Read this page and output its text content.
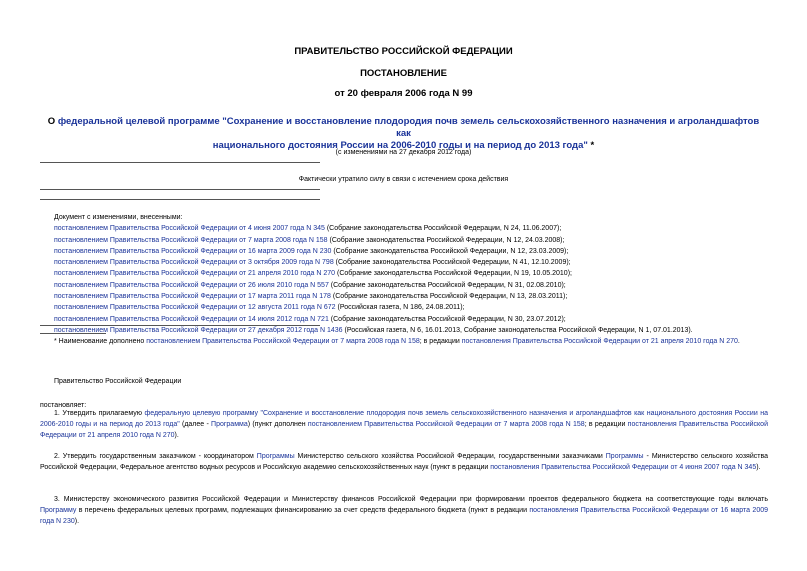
ПРАВИТЕЛЬСТВО РОССИЙСКОЙ ФЕДЕРАЦИИ
ПОСТАНОВЛЕНИЕ
от 20 февраля 2006 года N 99
О федеральной целевой программе "Сохранение и восстановление плодородия почв земель сельскохозяйственного назначения и агроландшафтов как
национального достояния России на 2006-2010 годы и на период до 2013 года" *
(с изменениями на 27 декабря 2012 года)
Фактически утратило силу в связи с истечением срока действия
Документ с изменениями, внесенными:
постановлением Правительства Российской Федерации от 4 июня 2007 года N 345 (Собрание законодательства Российской Федерации, N 24, 11.06.2007);
постановлением Правительства Российской Федерации от 7 марта 2008 года N 158 (Собрание законодательства Российской Федерации, N 12, 24.03.2008);
постановлением Правительства Российской Федерации от 16 марта 2009 года N 230 (Собрание законодательства Российской Федерации, N 12, 23.03.2009);
постановлением Правительства Российской Федерации от 3 октября 2009 года N 798 (Собрание законодательства Российской Федерации, N 41, 12.10.2009);
постановлением Правительства Российской Федерации от 21 апреля 2010 года N 270 (Собрание законодательства Российской Федерации, N 19, 10.05.2010);
постановлением Правительства Российской Федерации от 26 июля 2010 года N 557 (Собрание законодательства Российской Федерации, N 31, 02.08.2010);
постановлением Правительства Российской Федерации от 17 марта 2011 года N 178 (Собрание законодательства Российской Федерации, N 13, 28.03.2011);
постановлением Правительства Российской Федерации от 12 августа 2011 года N 672 (Российская газета, N 186, 24.08.2011);
постановлением Правительства Российской Федерации от 14 июля 2012 года N 721 (Собрание законодательства Российской Федерации, N 30, 23.07.2012);
постановлением Правительства Российской Федерации от 27 декабря 2012 года N 1436 (Российская газета, N 6, 16.01.2013, Собрание законодательства Российской Федерации, N 1, 07.01.2013).
* Наименование дополнено постановлением Правительства Российской Федерации от 7 марта 2008 года N 158; в редакции постановления Правительства Российской Федерации от 21 апреля 2010 года N 270.
Правительство Российской Федерации
постановляет:
1. Утвердить прилагаемую федеральную целевую программу "Сохранение и восстановление плодородия почв земель сельскохозяйственного назначения и агроландшафтов как национального достояния России на 2006-2010 годы и на период до 2013 года" (далее - Программа) (пункт дополнен постановлением Правительства Российской Федерации от 7 марта 2008 года N 158; в редакции постановления Правительства Российской Федерации от 21 апреля 2010 года N 270).
2. Утвердить государственным заказчиком - координатором Программы Министерство сельского хозяйства Российской Федерации, государственными заказчиками Программы - Министерство сельского хозяйства Российской Федерации, Федеральное агентство водных ресурсов и Российскую академию сельскохозяйственных наук (пункт в редакции постановления Правительства Российской Федерации от 4 июня 2007 года N 345).
3. Министерству экономического развития Российской Федерации и Министерству финансов Российской Федерации при формировании проектов федерального бюджета на соответствующие годы включать Программу в перечень федеральных целевых программ, подлежащих финансированию за счет средств федерального бюджета (пункт в редакции постановления Правительства Российской Федерации от 16 марта 2009 года N 230).
